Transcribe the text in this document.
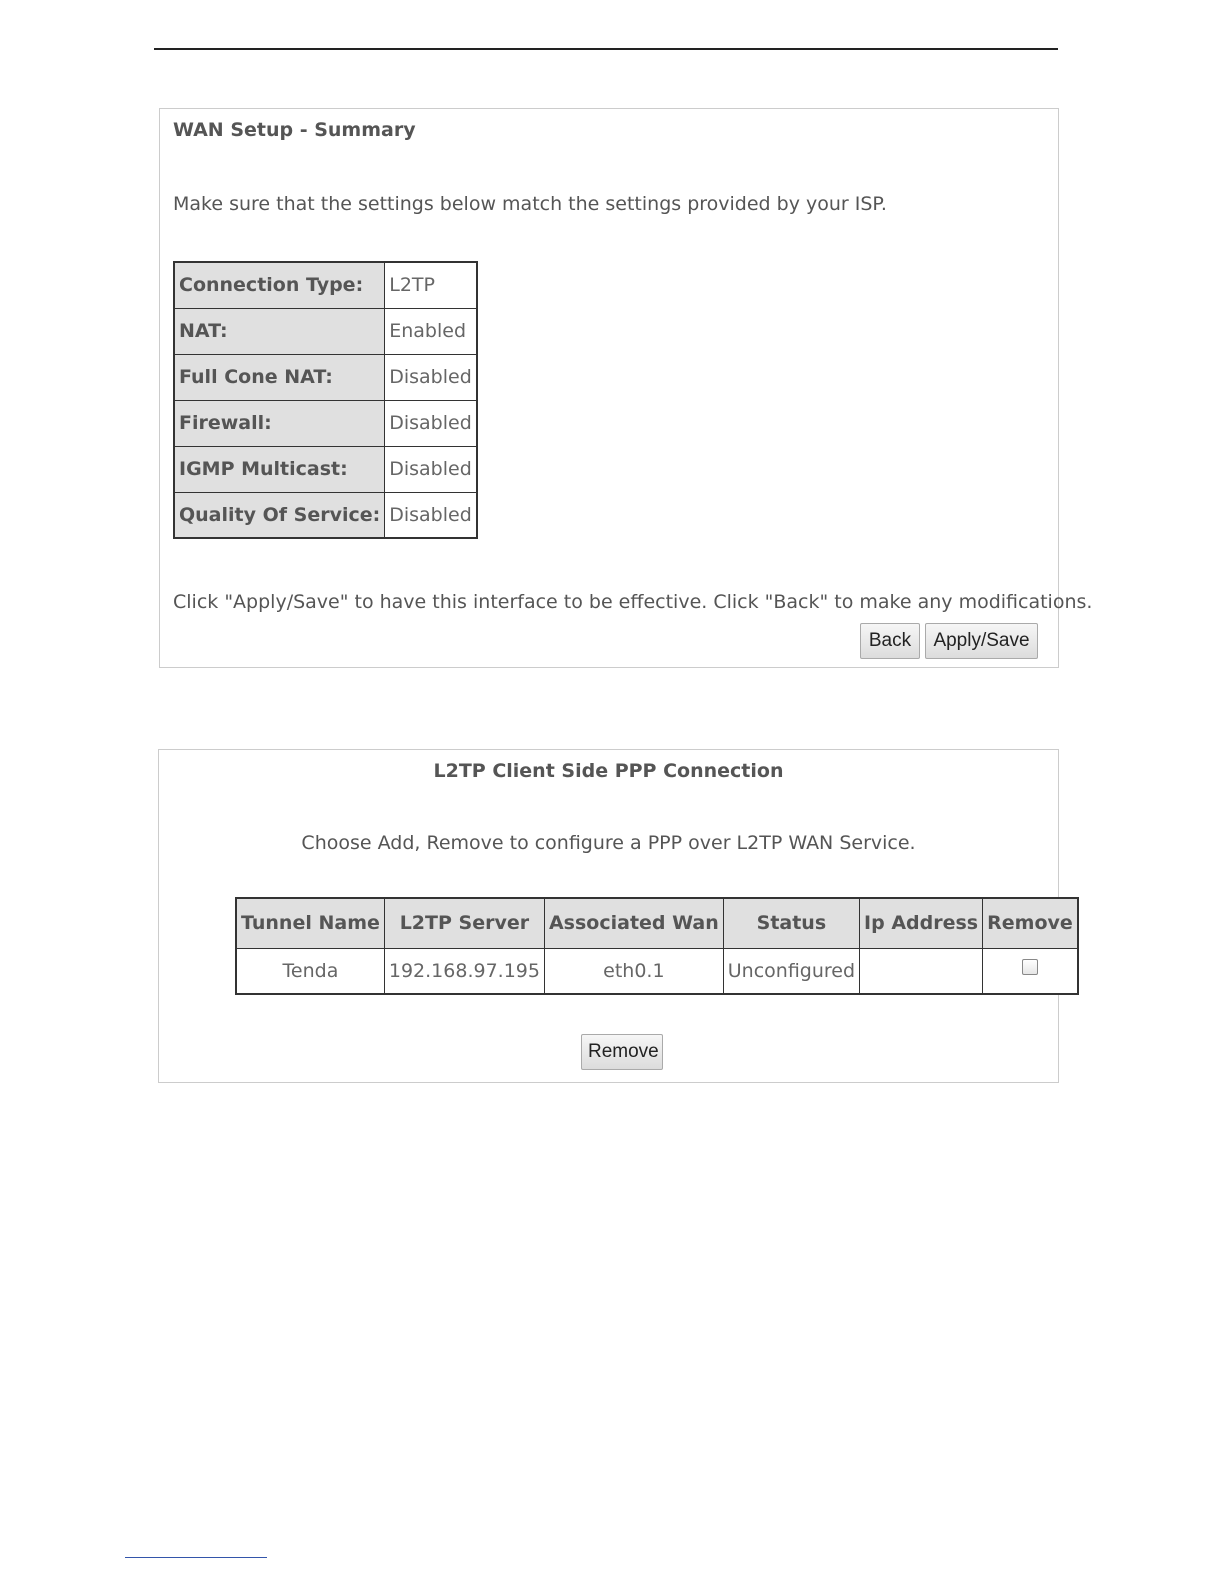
WAN Setup - Summary
Make sure that the settings below match the settings provided by your ISP.
Connection Type:	L2TP
NAT:	Enabled
Full Cone NAT:	Disabled
Firewall:	Disabled
IGMP Multicast:	Disabled
Quality Of Service:	Disabled
Click "Apply/Save" to have this interface to be effective. Click "Back" to make any modifications.
Back	Apply/Save
L2TP Client Side PPP Connection
Choose Add, Remove to configure a PPP over L2TP WAN Service.
Tunnel Name	L2TP Server	Associated Wan	Status	Ip Address	Remove
Tenda	192.168.97.195	eth0.1	Unconfigured		
Remove
